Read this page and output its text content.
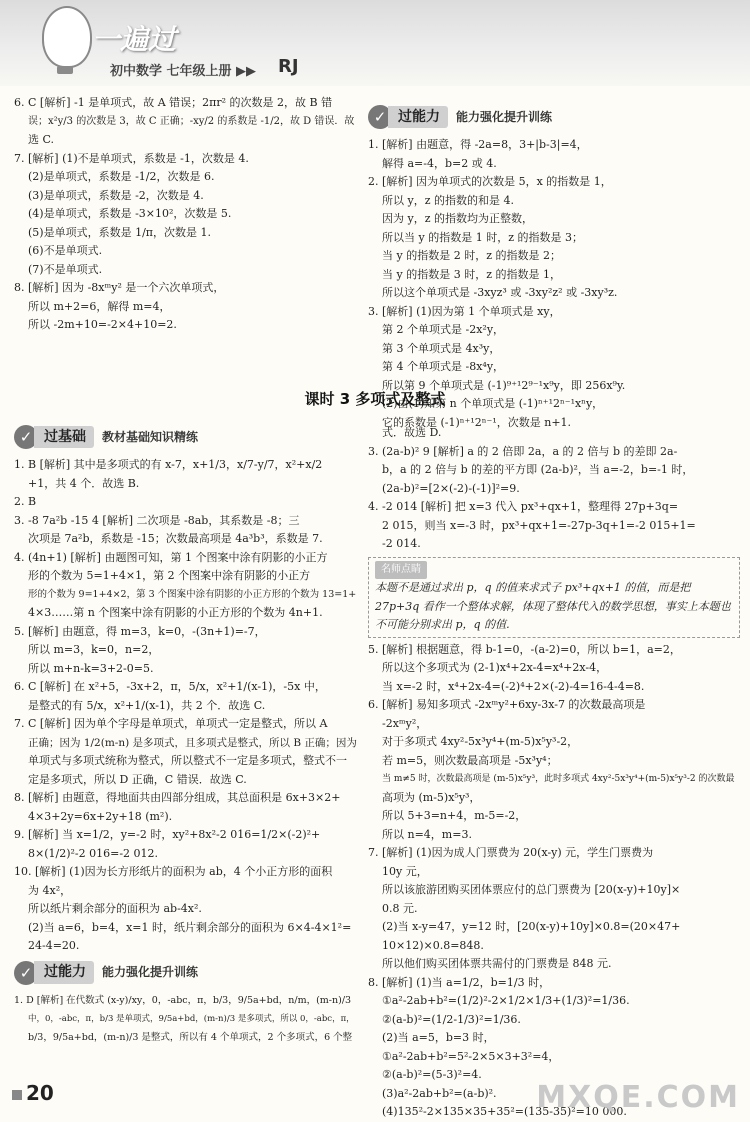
一遍过
初中数学 七年级上册 ▶▶ RJ

6. C [解析] -1 是单项式，故 A 错误；2πr² 的次数是 2，故 B 错

误；x²y/3 的次数是 3，故 C 正确；-xy/2 的系数是 -1/2，故 D 错误．故

选 C.

7. [解析] (1)不是单项式，系数是 -1，次数是 4.

(2)是单项式，系数是 -1/2，次数是 6.

(3)是单项式，系数是 -2，次数是 4.

(4)是单项式，系数是 -3×10²，次数是 5.

(5)是单项式，系数是 1/π，次数是 1.

(6)不是单项式.

(7)不是单项式.

8. [解析] 因为 -8xᵐy² 是一个六次单项式，

所以 m+2=6，解得 m=4，

所以 -2m+10=-2×4+10=2.

✓ 过能力	能力强化提升训练

1. [解析] 由题意，得 -2a=8，3+|b-3|=4，

解得 a=-4，b=2 或 4.

2. [解析] 因为单项式的次数是 5，x 的指数是 1，

所以 y，z 的指数的和是 4.

因为 y，z 的指数均为正整数，

所以当 y 的指数是 1 时，z 的指数是 3；

当 y 的指数是 2 时，z 的指数是 2；

当 y 的指数是 3 时，z 的指数是 1，

所以这个单项式是 -3xyz³ 或 -3xy²z² 或 -3xy³z.

3. [解析] (1)因为第 1 个单项式是 xy，

第 2 个单项式是 -2x²y，

第 3 个单项式是 4x³y，

第 4 个单项式是 -8x⁴y，

所以第 9 个单项式是 (-1)⁹⁺¹2⁹⁻¹x⁹y，即 256x⁹y.

(2)由(1)知第 n 个单项式是 (-1)ⁿ⁺¹2ⁿ⁻¹xⁿy，

它的系数是 (-1)ⁿ⁺¹2ⁿ⁻¹，次数是 n+1.

课时 3 多项式及整式
✓ 过基础	教材基础知识精练

1. B [解析] 其中是多项式的有 x-7，x+1/3，x/7-y/7，x²+x/2

+1，共 4 个．故选 B.

2. B

3. -8 7a²b -15 4 [解析] 二次项是 -8ab，其系数是 -8；三

次项是 7a²b，系数是 -15；次数最高项是 4a³b³，系数是 7.

4. (4n+1) [解析] 由题图可知，第 1 个图案中涂有阴影的小正方

形的个数为 5=1+4×1，第 2 个图案中涂有阴影的小正方

形的个数为 9=1+4×2，第 3 个图案中涂有阴影的小正方形的个数为 13=1+

4×3……第 n 个图案中涂有阴影的小正方形的个数为 4n+1.

5. [解析] 由题意，得 m=3，k=0，-(3n+1)=-7，

所以 m=3，k=0，n=2，

所以 m+n-k=3+2-0=5.

6. C [解析] 在 x²+5，-3x+2，π，5/x，x²+1/(x-1)，-5x 中，

是整式的有 5/x，x²+1/(x-1)，共 2 个．故选 C.

7. C [解析] 因为单个字母是单项式，单项式一定是整式，所以 A

正确；因为 1/2(m-n) 是多项式，且多项式是整式，所以 B 正确；因为

单项式与多项式统称为整式，所以整式不一定是多项式，整式不一

定是多项式，所以 D 正确，C 错误．故选 C.

8. [解析] 由题意，得地面共由四部分组成，其总面积是 6x+3×2+

4×3+2y=6x+2y+18 (m²).

9. [解析] 当 x=1/2，y=-2 时，xy²+8x²-2 016=1/2×(-2)²+

8×(1/2)²-2 016=-2 012.

10. [解析] (1)因为长方形纸片的面积为 ab，4 个小正方形的面积

为 4x²，

所以纸片剩余部分的面积为 ab-4x².

(2)当 a=6，b=4，x=1 时，纸片剩余部分的面积为 6×4-4×1²=

24-4=20.

✓ 过能力	能力强化提升训练

1. D [解析] 在代数式 (x-y)/xy，0，-abc，π，b/3，9/5a+bd，n/m，(m-n)/3

中，0，-abc，π，b/3 是单项式，9/5a+bd，(m-n)/3 是多项式，所以 0，-abc，π，

b/3，9/5a+bd，(m-n)/3 是整式，所以有 4 个单项式，2 个多项式，6 个整

式．故选 D.

3. (2a-b)² 9 [解析] a 的 2 倍即 2a，a 的 2 倍与 b 的差即 2a-

b，a 的 2 倍与 b 的差的平方即 (2a-b)²，当 a=-2，b=-1 时，

(2a-b)²=[2×(-2)-(-1)]²=9.

4. -2 014 [解析] 把 x=3 代入 px³+qx+1，整理得 27p+3q=

2 015，则当 x=-3 时，px³+qx+1=-27p-3q+1=-2 015+1=

-2 014.

名师点睛

本题不是通过求出 p，q 的值来求式子 px³+qx+1 的值，而是把 27p+3q 看作一个整体求解，体现了整体代入的数学思想，事实上本题也不可能分别求出 p，q 的值.

5. [解析] 根据题意，得 b-1=0，-(a-2)=0，所以 b=1，a=2，

所以这个多项式为 (2-1)x⁴+2x-4=x⁴+2x-4，

当 x=-2 时，x⁴+2x-4=(-2)⁴+2×(-2)-4=16-4-4=8.

6. [解析] 易知多项式 -2xᵐy²+6xy-3x-7 的次数最高项是

-2xᵐy²，

对于多项式 4xy²-5x³y⁴+(m-5)x⁵y³-2，

若 m=5，则次数最高项是 -5x³y⁴；

当 m≠5 时，次数最高项是 (m-5)x⁵y³，此时多项式 4xy²-5x³y⁴+(m-5)x⁵y³-2 的次数最

高项为 (m-5)x⁵y³，

所以 5+3=n+4，m-5=-2，

所以 n=4，m=3.

7. [解析] (1)因为成人门票费为 20(x-y) 元，学生门票费为

10y 元，

所以该旅游团购买团体票应付的总门票费为 [20(x-y)+10y]×

0.8 元.

(2)当 x-y=47，y=12 时，[20(x-y)+10y]×0.8=(20×47+

10×12)×0.8=848.

所以他们购买团体票共需付的门票费是 848 元.

8. [解析] (1)当 a=1/2，b=1/3 时，

①a²-2ab+b²=(1/2)²-2×1/2×1/3+(1/3)²=1/36.

②(a-b)²=(1/2-1/3)²=1/36.

(2)当 a=5，b=3 时，

①a²-2ab+b²=5²-2×5×3+3²=4，

②(a-b)²=(5-3)²=4.

(3)a²-2ab+b²=(a-b)².

(4)135²-2×135×35+35²=(135-35)²=10 000.

20	MXQE.COM
